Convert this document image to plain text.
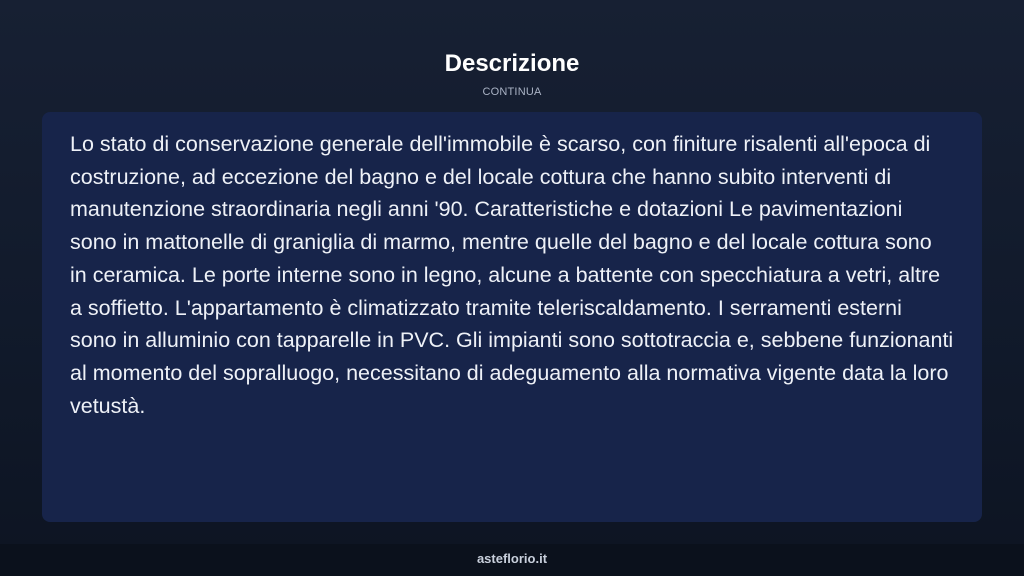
Descrizione
CONTINUA

Lo stato di conservazione generale dell'immobile è scarso, con finiture risalenti all'epoca di costruzione, ad eccezione del bagno e del locale cottura che hanno subito interventi di manutenzione straordinaria negli anni '90. Caratteristiche e dotazioni Le pavimentazioni sono in mattonelle di graniglia di marmo, mentre quelle del bagno e del locale cottura sono in ceramica. Le porte interne sono in legno, alcune a battente con specchiatura a vetri, altre a soffietto. L'appartamento è climatizzato tramite teleriscaldamento. I serramenti esterni sono in alluminio con tapparelle in PVC. Gli impianti sono sottotraccia e, sebbene funzionanti al momento del sopralluogo, necessitano di adeguamento alla normativa vigente data la loro vetustà.

asteflorio.it
